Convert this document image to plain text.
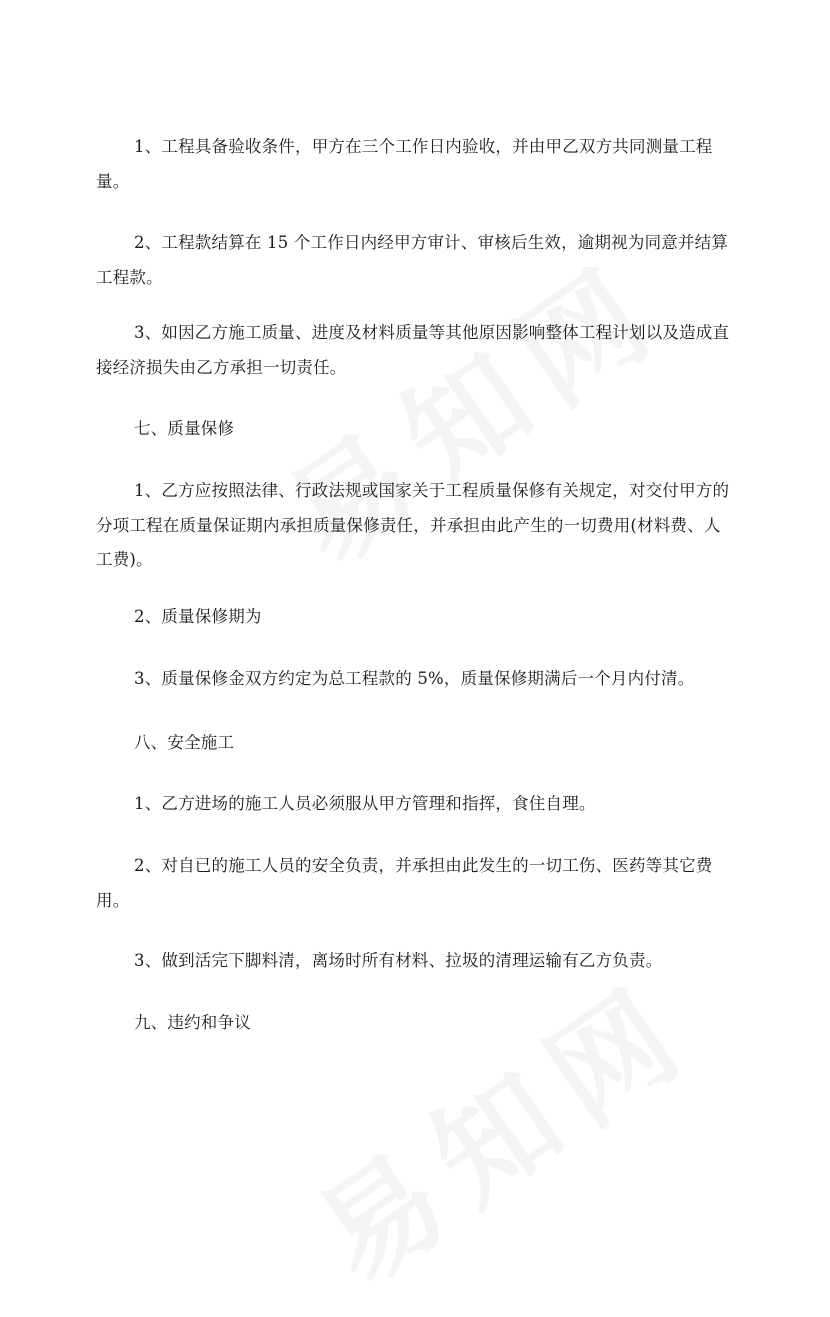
1、工程具备验收条件，甲方在三个工作日内验收，并由甲乙双方共同测量工程量。

2、工程款结算在 15 个工作日内经甲方审计、审核后生效，逾期视为同意并结算工程款。

3、如因乙方施工质量、进度及材料质量等其他原因影响整体工程计划以及造成直接经济损失由乙方承担一切责任。

七、质量保修

1、乙方应按照法律、行政法规或国家关于工程质量保修有关规定，对交付甲方的分项工程在质量保证期内承担质量保修责任，并承担由此产生的一切费用(材料费、人工费)。

2、质量保修期为

3、质量保修金双方约定为总工程款的 5%，质量保修期满后一个月内付清。

八、安全施工

1、乙方进场的施工人员必须服从甲方管理和指挥，食住自理。

2、对自已的施工人员的安全负责，并承担由此发生的一切工伤、医药等其它费用。

3、做到活完下脚料清，离场时所有材料、拉圾的清理运输有乙方负责。

九、违约和争议
